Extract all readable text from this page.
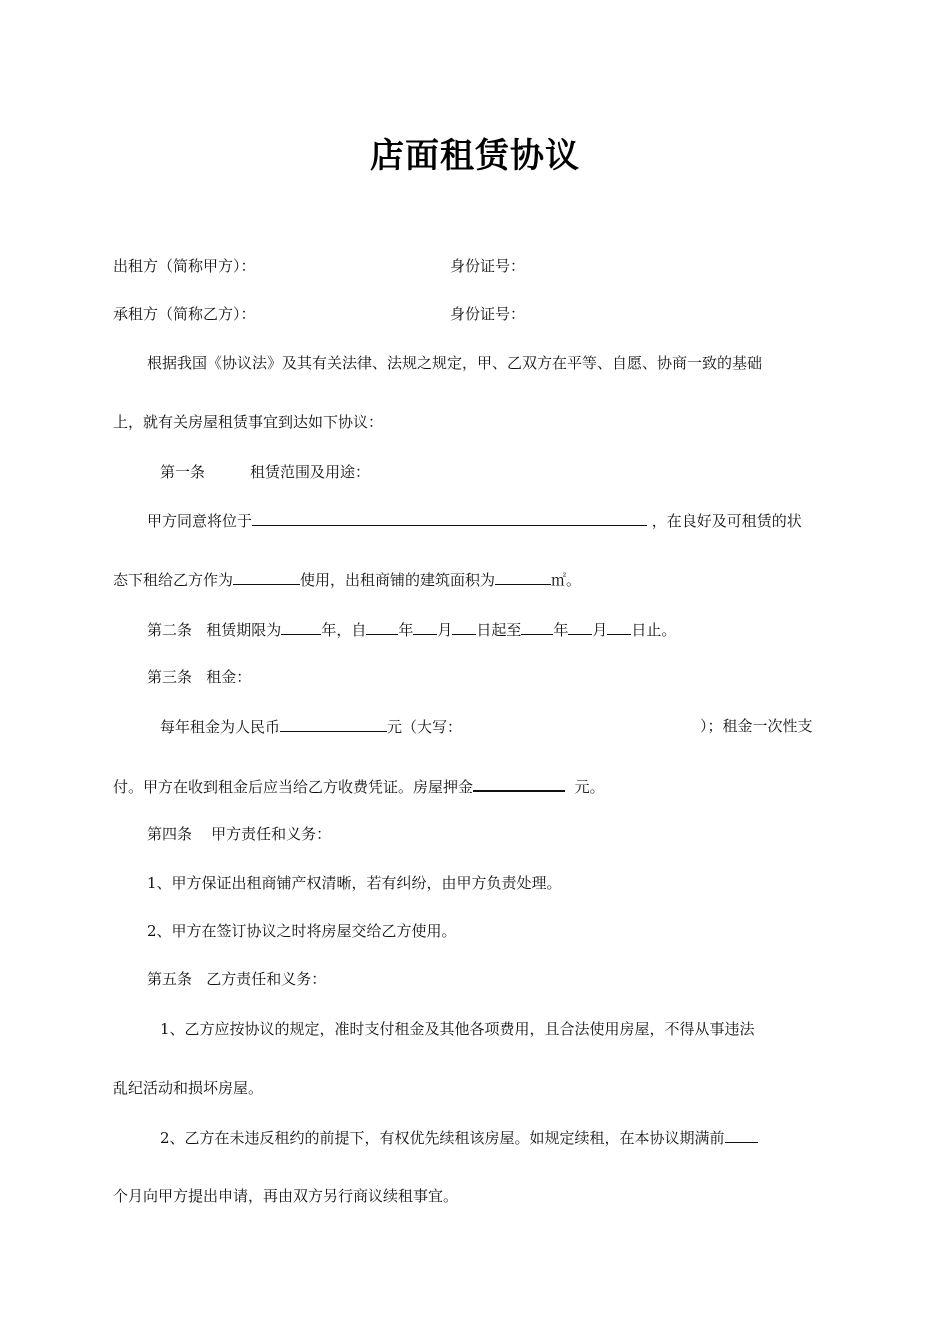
店面租赁协议
出租方（简称甲方）：	身份证号：
承租方（简称乙方）：	身份证号：
根据我国《协议法》及其有关法律、法规之规定，甲、乙双方在平等、自愿、协商一致的基础
上，就有关房屋租赁事宜到达如下协议：
第一条	租赁范围及用途：
甲方同意将位于	，在良好及可租赁的状
态下租给乙方作为	使用，出租商铺的建筑面积为	㎡。
第二条   租赁期限为	年，自 年 月 日起至 年 月 日止。
第三条   租金：
每年租金为人民币	元（大写：	）；租金一次性支
付。甲方在收到租金后应当给乙方收费凭证。房屋押金	元。
第四条    甲方责任和义务：
1、甲方保证出租商铺产权清晰，若有纠纷，由甲方负责处理。
2、甲方在签订协议之时将房屋交给乙方使用。
第五条   乙方责任和义务：
1、乙方应按协议的规定，准时支付租金及其他各项费用，且合法使用房屋，不得从事违法
乱纪活动和损坏房屋。
2、乙方在未违反租约的前提下，有权优先续租该房屋。如规定续租，在本协议期满前
个月向甲方提出申请，再由双方另行商议续租事宜。
